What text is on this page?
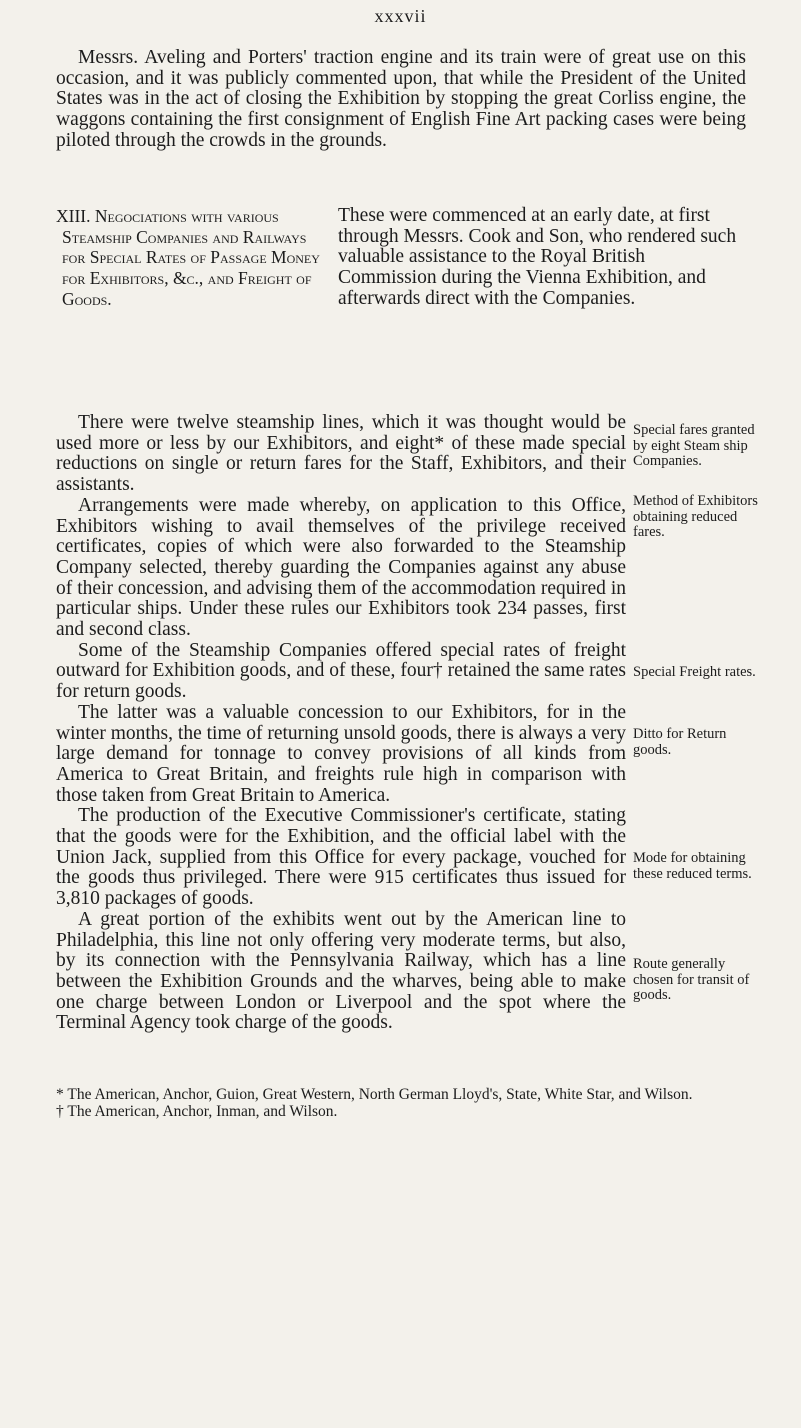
xxxvii
Messrs. Aveling and Porters' traction engine and its train were of great use on this occasion, and it was publicly commented upon, that while the President of the United States was in the act of closing the Exhibition by stopping the great Corliss engine, the waggons containing the first consignment of English Fine Art packing cases were being piloted through the crowds in the grounds.
XIII. Negociations with various Steamship Companies and Railways for Special Rates of Passage Money for Exhibitors, &c., and Freight of Goods.
These were commenced at an early date, at first through Messrs. Cook and Son, who rendered such valuable assistance to the Royal British Commission during the Vienna Exhibition, and afterwards direct with the Companies.

There were twelve steamship lines, which it was thought would be used more or less by our Exhibitors, and eight* of these made special reductions on single or return fares for the Staff, Exhibitors, and their assistants.

Arrangements were made whereby, on application to this Office, Exhibitors wishing to avail themselves of the privilege received certificates, copies of which were also forwarded to the Steamship Company selected, thereby guarding the Companies against any abuse of their concession, and advising them of the accommodation required in particular ships. Under these rules our Exhibitors took 234 passes, first and second class.

Some of the Steamship Companies offered special rates of freight outward for Exhibition goods, and of these, four† retained the same rates for return goods.

The latter was a valuable concession to our Exhibitors, for in the winter months, the time of returning unsold goods, there is always a very large demand for tonnage to convey provisions of all kinds from America to Great Britain, and freights rule high in comparison with those taken from Great Britain to America.

The production of the Executive Commissioner's certificate, stating that the goods were for the Exhibition, and the official label with the Union Jack, supplied from this Office for every package, vouched for the goods thus privileged. There were 915 certificates thus issued for 3,810 packages of goods.

A great portion of the exhibits went out by the American line to Philadelphia, this line not only offering very moderate terms, but also, by its connection with the Pennsylvania Railway, which has a line between the Exhibition Grounds and the wharves, being able to make one charge between London or Liverpool and the spot where the Terminal Agency took charge of the goods.

Special fares granted by eight Steam ship Companies.
Method of Exhibitors obtaining reduced fares.
Special Freight rates.
Ditto for Return goods.
Mode for obtaining these reduced terms.
Route generally chosen for transit of goods.

* The American, Anchor, Guion, Great Western, North German Lloyd's, State, White Star, and Wilson.

† The American, Anchor, Inman, and Wilson.
